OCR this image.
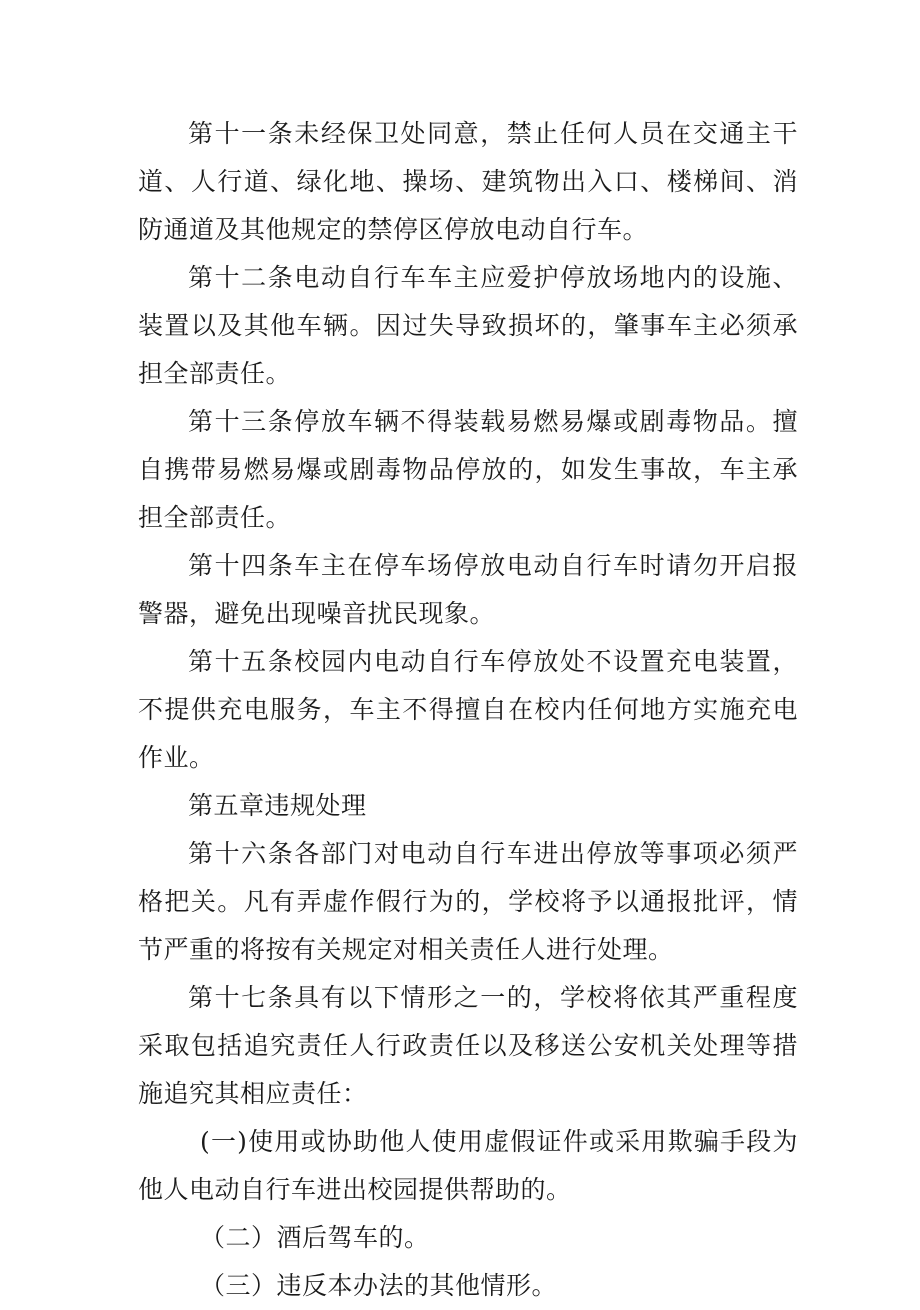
第十一条未经保卫处同意，禁止任何人员在交通主干道、人行道、绿化地、操场、建筑物出入口、楼梯间、消防通道及其他规定的禁停区停放电动自行车。

第十二条电动自行车车主应爱护停放场地内的设施、装置以及其他车辆。因过失导致损坏的，肇事车主必须承担全部责任。

第十三条停放车辆不得装载易燃易爆或剧毒物品。擅自携带易燃易爆或剧毒物品停放的，如发生事故，车主承担全部责任。

第十四条车主在停车场停放电动自行车时请勿开启报警器，避免出现噪音扰民现象。

第十五条校园内电动自行车停放处不设置充电装置，不提供充电服务，车主不得擅自在校内任何地方实施充电作业。

第五章违规处理

第十六条各部门对电动自行车进出停放等事项必须严格把关。凡有弄虚作假行为的，学校将予以通报批评，情节严重的将按有关规定对相关责任人进行处理。

第十七条具有以下情形之一的，学校将依其严重程度采取包括追究责任人行政责任以及移送公安机关处理等措施追究其相应责任：

(一)使用或协助他人使用虚假证件或采用欺骗手段为他人电动自行车进出校园提供帮助的。

（二）酒后驾车的。

（三）违反本办法的其他情形。
